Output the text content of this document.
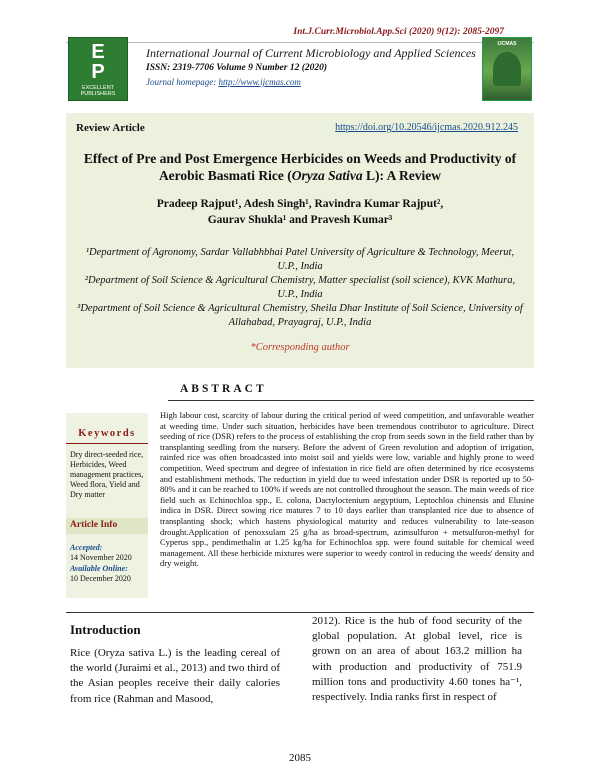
Int.J.Curr.Microbiol.App.Sci (2020) 9(12): 2085-2097
E
P
EXCELLENT PUBLISHERS
IJCMAS
International Journal of Current Microbiology and Applied Sciences
ISSN: 2319-7706 Volume 9 Number 12 (2020)
Journal homepage: http://www.ijcmas.com
Review Article	https://doi.org/10.20546/ijcmas.2020.912.245
Effect of Pre and Post Emergence Herbicides on Weeds and Productivity of Aerobic Basmati Rice (Oryza Sativa L): A Review
Pradeep Rajput¹, Adesh Singh¹, Ravindra Kumar Rajput²,
Gaurav Shukla¹ and Pravesh Kumar³
¹Department of Agronomy, Sardar Vallabhbhai Patel University of Agriculture & Technology, Meerut, U.P., India
²Department of Soil Science & Agricultural Chemistry, Matter specialist (soil science), KVK Mathura, U.P., India
³Department of Soil Science & Agricultural Chemistry, Sheila Dhar Institute of Soil Science, University of Allahabad, Prayagraj, U.P., India
*Corresponding author
ABSTRACT
Keywords
Dry direct-seeded rice, Herbicides, Weed management practices, Weed flora, Yield and Dry matter
Article Info
Accepted:
14 November 2020
Available Online:
10 December 2020
High labour cost, scarcity of labour during the critical period of weed competition, and unfavorable weather at weeding time. Under such situation, herbicides have been tremendous contributor to agriculture. Direct seeding of rice (DSR) refers to the process of establishing the crop from seeds sown in the field rather than by transplanting seedling from the nursery. Before the advent of Green revolution and adoption of irrigation, rainfed rice was often broadcasted into moist soil and yields were low, variable and highly prone to weed competition. Weed spectrum and degree of infestation in rice field are often determined by rice ecosystems and establishment methods. The reduction in yield due to weed infestation under DSR is reported up to 50-80% and it can be reached to 100% if weeds are not controlled throughout the season. The main weeds of rice field such as Echinochloa spp., E. colona, Dactyloctenium aegyptium, Leptochloa chinensis and Elusine indica in DSR. Direct sowing rice matures 7 to 10 days earlier than transplanted rice due to absence of transplanting shock; which hastens physiological maturity and reduces vulnerability to late-season drought.Application of penoxsulam 25 g/ha as broad-spectrum, azimsulfuron + metsulfuron-methyl for Cyperus spp., pendimethalin at 1.25 kg/ha for Echinochloa spp. were found suitable for chemical weed management. All these herbicide mixtures were superior to weedy control in reducing the weeds' density and dry weight.
Introduction
Rice (Oryza sativa L.) is the leading cereal of the world (Juraimi et al., 2013) and two third of the Asian peoples receive their daily calories from rice (Rahman and Masood,
2012). Rice is the hub of food security of the global population. At global level, rice is grown on an area of about 163.2 million ha with production and productivity of 751.9 million tons and productivity 4.60 tones ha⁻¹, respectively. India ranks first in respect of
2085
